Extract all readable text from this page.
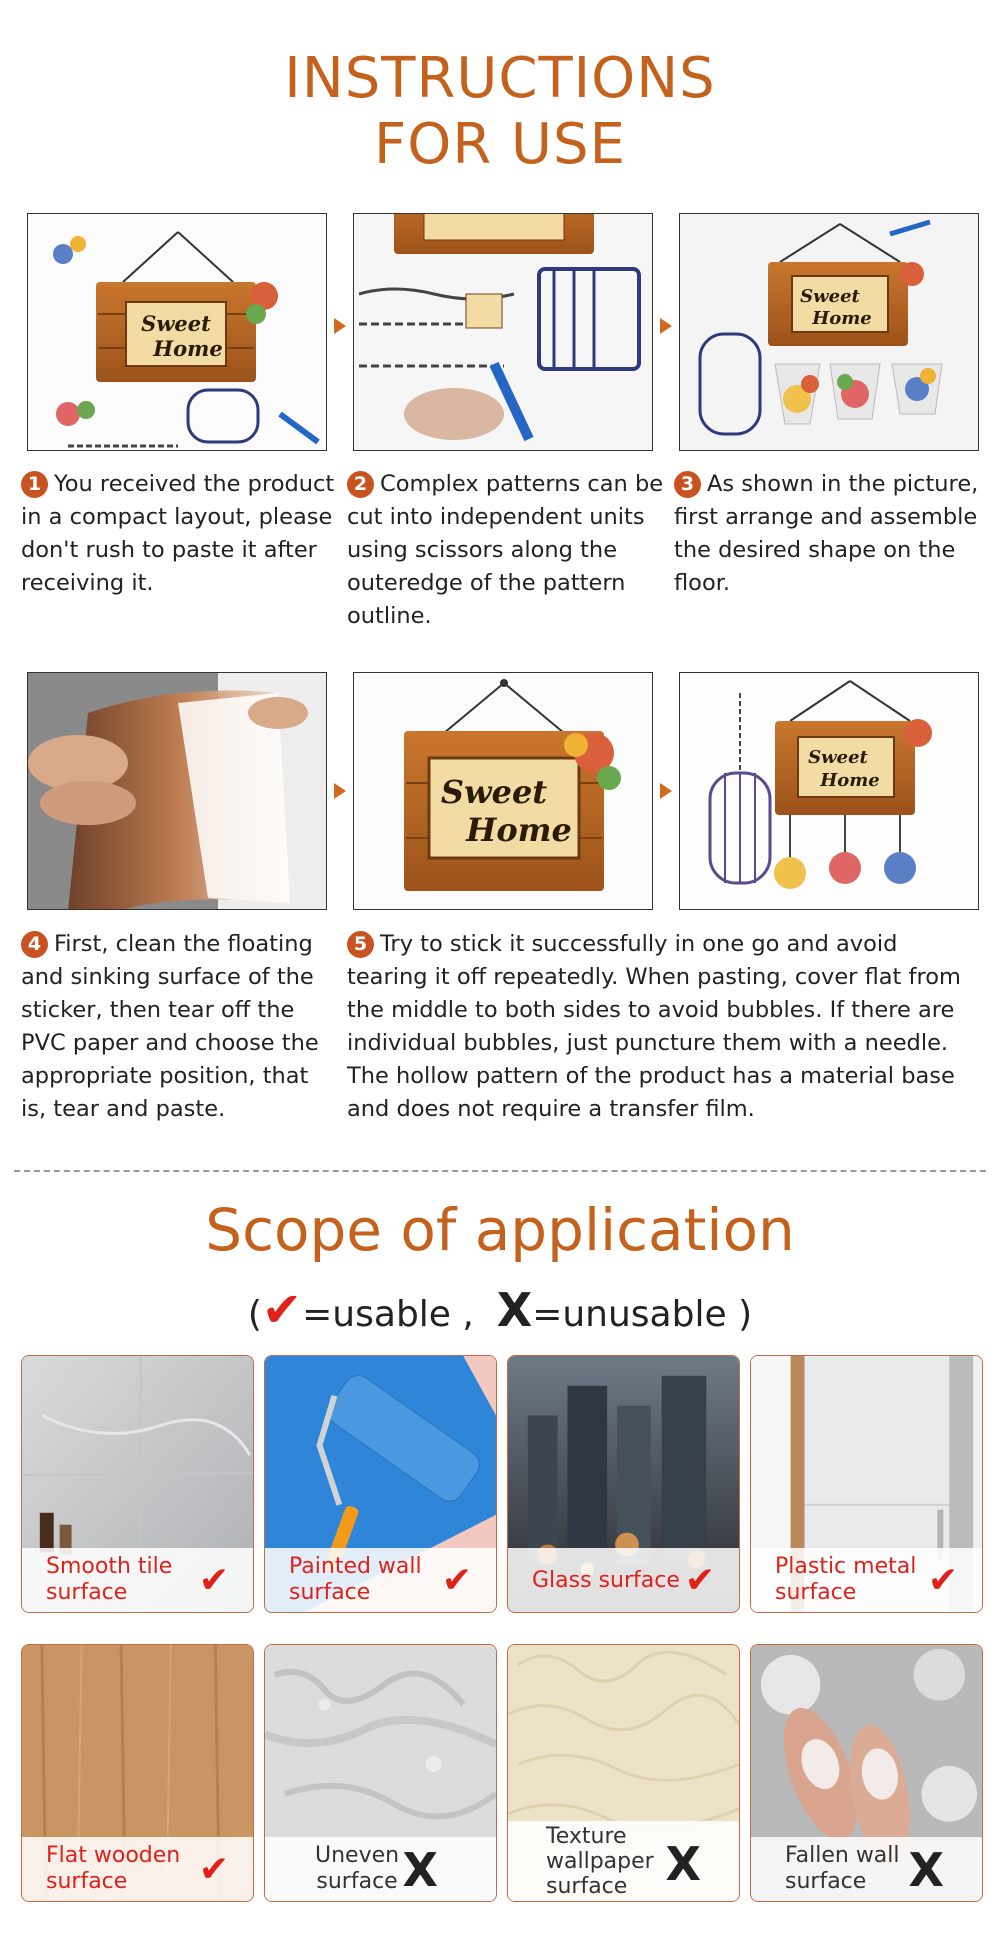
INSTRUCTIONS
FOR USE
Sweet
Home
Sweet
Home
1 You received the product in a compact layout, please don't rush to paste it after receiving it.
2 Complex patterns can be cut into independent units using scissors along the outeredge of the pattern outline.
3 As shown in the picture, first arrange and assemble the desired shape on the floor.
Sweet
Home
Sweet
Home
4 First, clean the floating and sinking surface of the sticker, then tear off the PVC paper and choose the appropriate position, that is, tear and paste.
5 Try to stick it successfully in one go and avoid tearing it off repeatedly. When pasting, cover flat from the middle to both sides to avoid bubbles. If there are individual bubbles, just puncture them with a needle. The hollow pattern of the product has a material base and does not require a transfer film.
Scope of application
(✔=usable , X=unusable )
Smooth tile
surface	✔	Painted wall
surface	✔	Glass surface ✔	Plastic metal
surface	✔
Flat wooden
surface	✔	Uneven
surface X
Texture
wallpaper
surface X	Fallen wall
surface X
